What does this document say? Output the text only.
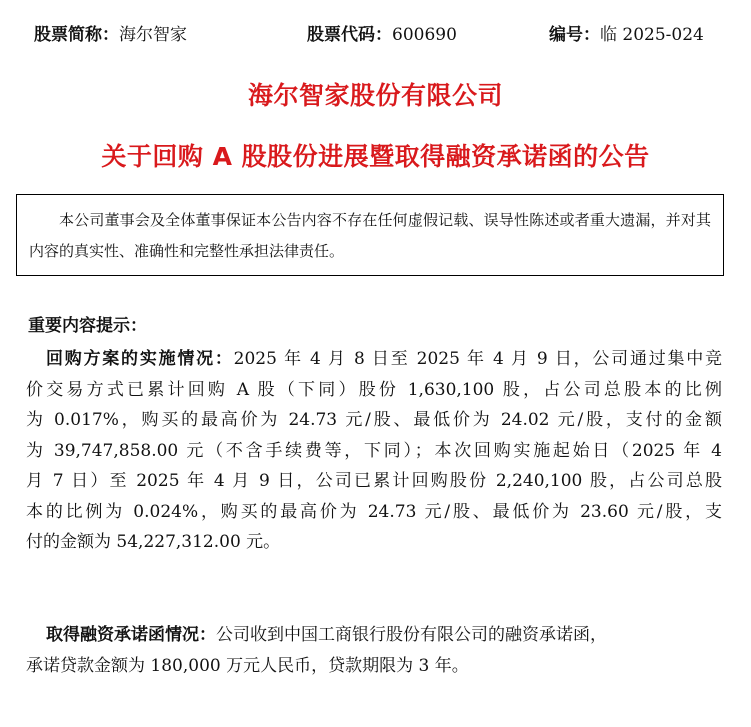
股票简称：海尔智家	股票代码：600690	编号：临 2025-024
海尔智家股份有限公司
关于回购 A 股股份进展暨取得融资承诺函的公告
本公司董事会及全体董事保证本公告内容不存在任何虚假记载、误导性陈述或者重大遗漏，并对其内容的真实性、准确性和完整性承担法律责任。
重要内容提示：
回购方案的实施情况：2025 年 4 月 8 日至 2025 年 4 月 9 日，公司通过集中竞
价交易方式已累计回购 A 股（下同）股份 1,630,100 股，占公司总股本的比例
为 0.017%，购买的最高价为 24.73 元/股、最低价为 24.02 元/股，支付的金额
为 39,747,858.00 元（不含手续费等，下同）；本次回购实施起始日（2025 年 4
月 7 日）至 2025 年 4 月 9 日，公司已累计回购股份 2,240,100 股，占公司总股
本的比例为 0.024%，购买的最高价为 24.73 元/股、最低价为 23.60 元/股，支
付的金额为 54,227,312.00 元。
取得融资承诺函情况：公司收到中国工商银行股份有限公司的融资承诺函，
承诺贷款金额为 180,000 万元人民币，贷款期限为 3 年。
